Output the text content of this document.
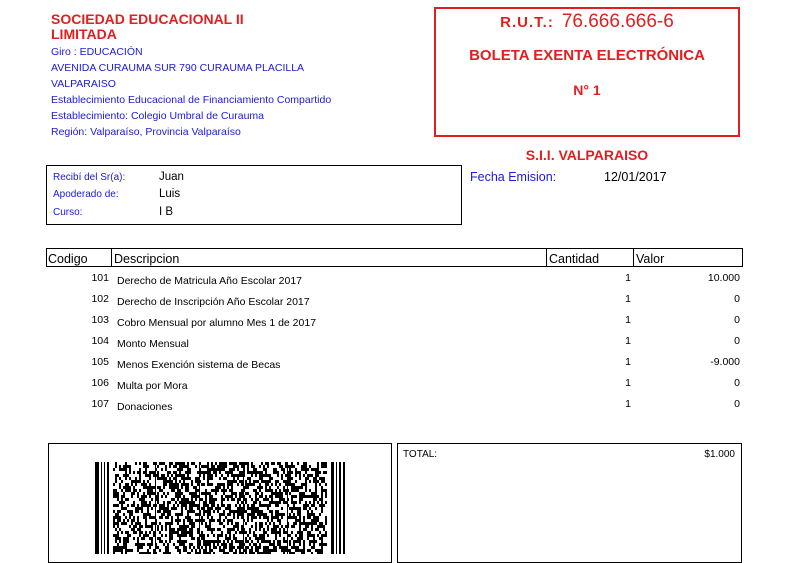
SOCIEDAD EDUCACIONAL II LIMITADA
Giro : EDUCACIÓN
AVENIDA CURAUMA SUR 790 CURAUMA PLACILLA
VALPARAISO
Establecimiento Educacional de Financiamiento Compartido
Establecimiento: Colegio Umbral de Curauma
Región: Valparaíso, Provincia Valparaíso
R.U.T.: 76.666.666-6
BOLETA EXENTA ELECTRÓNICA
N° 1
S.I.I. VALPARAISO
Recibí del Sr(a):	Juan
Apoderado de:	Luis
Curso:	I B
Fecha Emision:	12/01/2017
Codigo Descripcion	Cantidad	Valor
101 Derecho de Matricula Año Escolar 2017	1	10.000
102 Derecho de Inscripción Año Escolar 2017	1	0
103 Cobro Mensual por alumno Mes 1 de 2017	1	0
104 Monto Mensual	1	0
105 Menos Exención sistema de Becas	1	-9.000
106 Multa por Mora	1	0
107 Donaciones	1	0
TOTAL:	$1.000
